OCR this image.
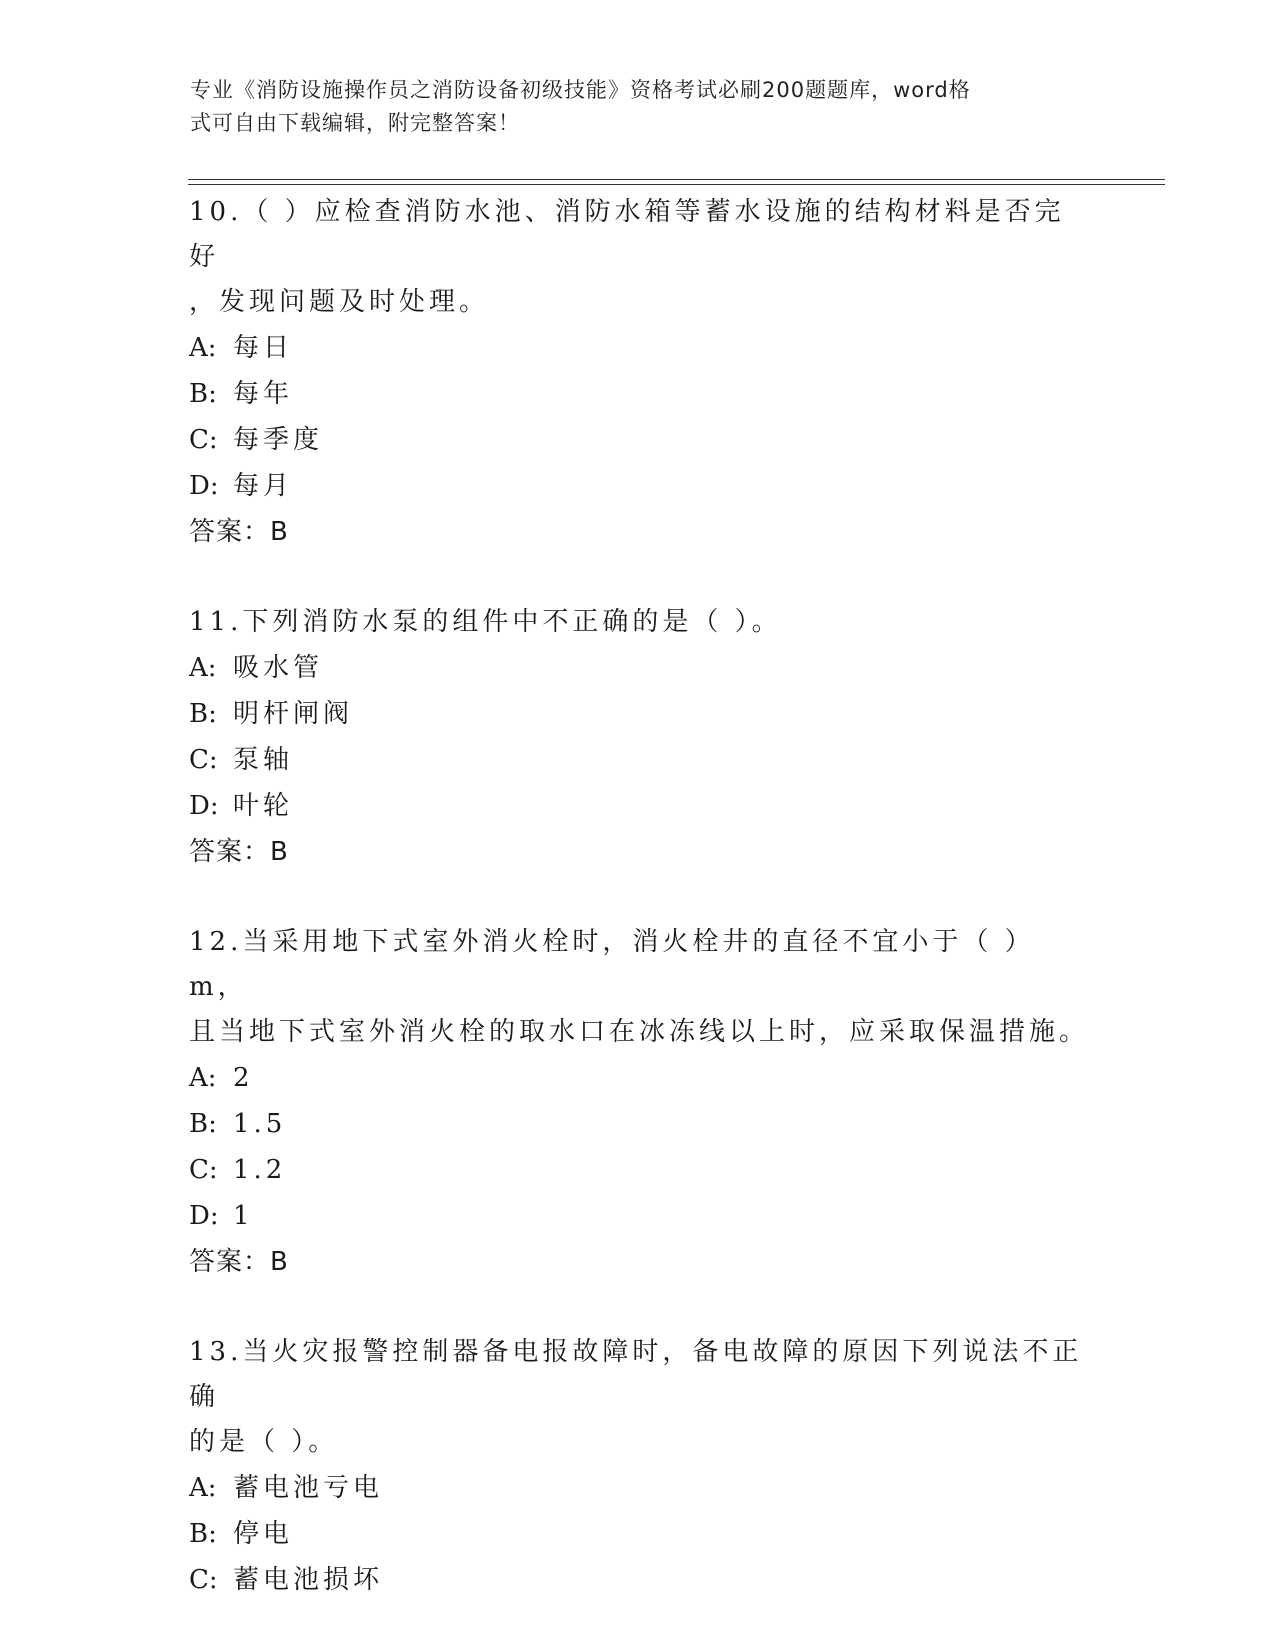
专业《消防设施操作员之消防设备初级技能》资格考试必刷200题题库，word格
式可自由下载编辑，附完整答案！

10.（ ）应检查消防水池、消防水箱等蓄水设施的结构材料是否完好

，发现问题及时处理。

A: 每日

B: 每年

C: 每季度

D: 每月

答案：B

11.下列消防水泵的组件中不正确的是（ ）。

A: 吸水管

B: 明杆闸阀

C: 泵轴

D: 叶轮

答案：B

12.当采用地下式室外消火栓时，消火栓井的直径不宜小于（ ）m，

且当地下式室外消火栓的取水口在冰冻线以上时，应采取保温措施。

A: 2

B: 1.5

C: 1.2

D: 1

答案：B

13.当火灾报警控制器备电报故障时，备电故障的原因下列说法不正确

的是（ ）。

A: 蓄电池亏电

B: 停电

C: 蓄电池损坏
